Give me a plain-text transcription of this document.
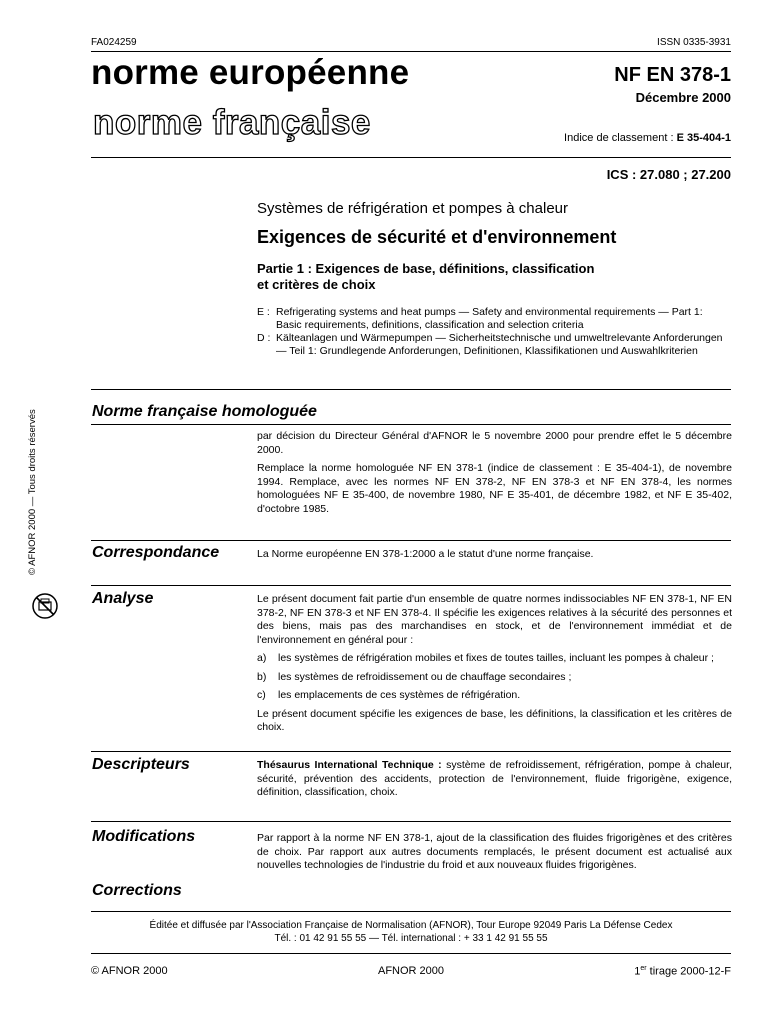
FA024259	ISSN 0335-3931
norme européenne
norme française
NF EN 378-1
Décembre 2000
Indice de classement : E 35-404-1
ICS : 27.080 ; 27.200
Systèmes de réfrigération et pompes à chaleur
Exigences de sécurité et d'environnement
Partie 1 : Exigences de base, définitions, classification
et critères de choix
E : Refrigerating systems and heat pumps — Safety and environmental requirements — Part 1: Basic requirements, definitions, classification and selection criteria
D : Kälteanlagen und Wärmepumpen — Sicherheitstechnische und umweltrelevante Anforderungen — Teil 1: Grundlegende Anforderungen, Definitionen, Klassifikationen und Auswahlkriterien
Norme française homologuée

par décision du Directeur Général d'AFNOR le 5 novembre 2000 pour prendre effet le 5 décembre 2000.

Remplace la norme homologuée NF EN 378-1 (indice de classement : E 35-404-1), de novembre 1994. Remplace, avec les normes NF EN 378-2, NF EN 378-3 et NF EN 378-4, les normes homologuées NF E 35-400, de novembre 1980, NF E 35-401, de décembre 1982, et NF E 35-402, d'octobre 1985.

Correspondance	La Norme européenne EN 378-1:2000 a le statut d'une norme française.
Analyse	Le présent document fait partie d'un ensemble de quatre normes indissociables NF EN 378-1, NF EN 378-2, NF EN 378-3 et NF EN 378-4. Il spécifie les exigences relatives à la sécurité des personnes et des biens, mais pas des marchandises en stock, et de l'environnement immédiat et de l'environnement en général pour :

a)	les systèmes de réfrigération mobiles et fixes de toutes tailles, incluant les pompes à chaleur ;
b)	les systèmes de refroidissement ou de chauffage secondaires ;
c)	les emplacements de ces systèmes de réfrigération.

Le présent document spécifie les exigences de base, les définitions, la classification et les critères de choix.

Descripteurs	Thésaurus International Technique : système de refroidissement, réfrigération, pompe à chaleur, sécurité, prévention des accidents, protection de l'environnement, fluide frigorigène, exigence, définition, classification, choix.
Modifications	Par rapport à la norme NF EN 378-1, ajout de la classification des fluides frigorigènes et des critères de choix. Par rapport aux autres documents remplacés, le présent document est actualisé aux nouvelles technologies de l'industrie du froid et aux nouveaux fluides frigorigènes.
Corrections
Éditée et diffusée par l'Association Française de Normalisation (AFNOR), Tour Europe 92049 Paris La Défense Cedex
Tél. : 01 42 91 55 55 — Tél. international : + 33 1 42 91 55 55
© AFNOR 2000	AFNOR 2000	1er tirage 2000-12-F
© AFNOR 2000 — Tous droits réservés
